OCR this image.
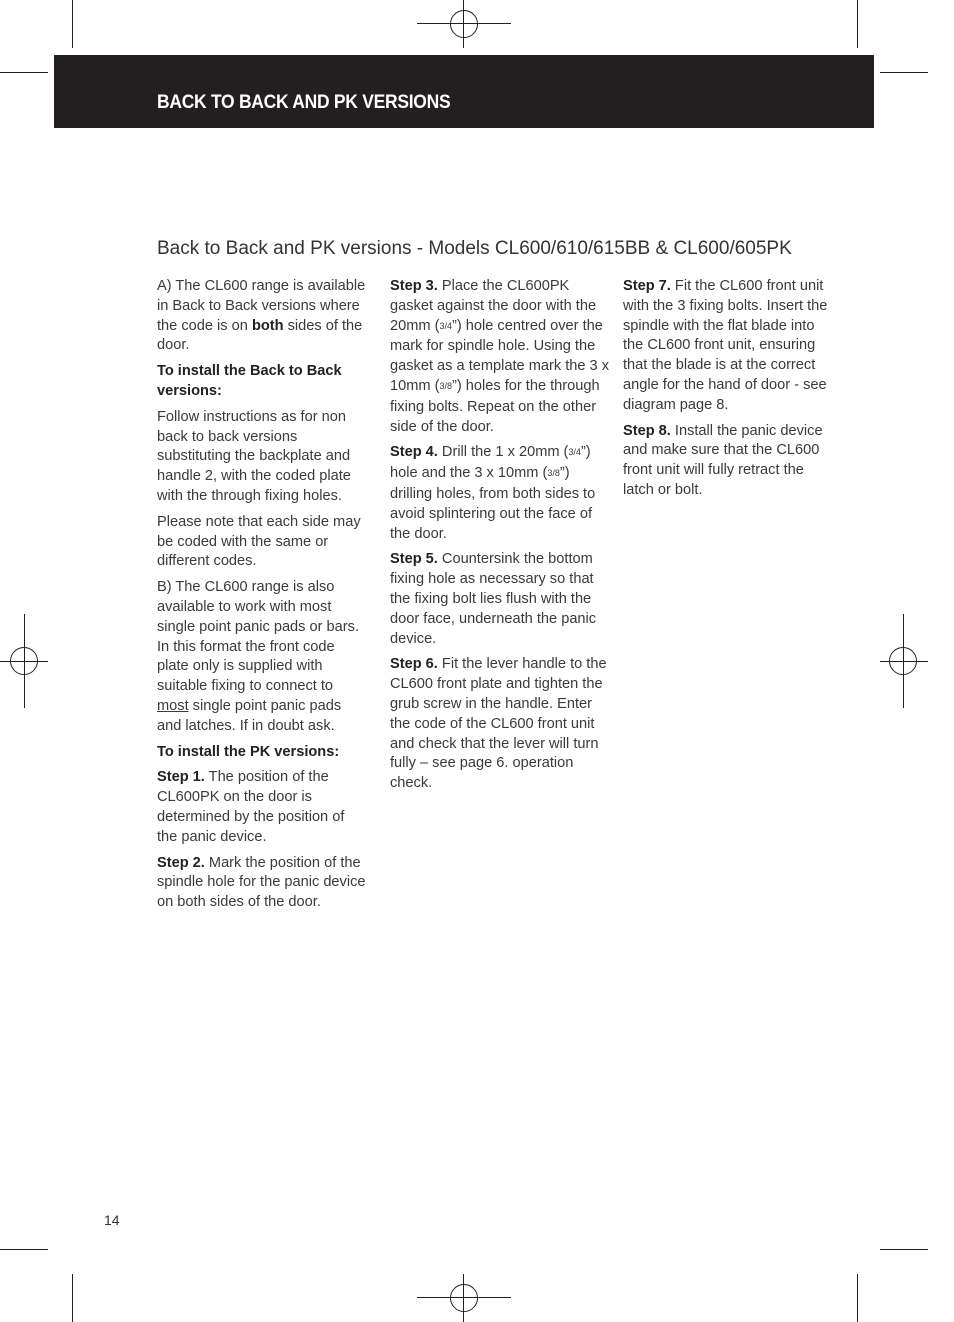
BACK TO BACK AND PK VERSIONS
Back to Back and PK versions - Models CL600/610/615BB & CL600/605PK

A) The CL600 range is available in Back to Back versions where the code is on both sides of the door.

To install the Back to Back versions:

Follow instructions as for non back to back versions substituting the backplate and handle 2, with the coded plate with the through fixing holes.

Please note that each side may be coded with the same or different codes.

B) The CL600 range is also available to work with most single point panic pads or bars. In this format the front code plate only is supplied with suitable fixing to connect to most single point panic pads and latches. If in doubt ask.

To install the PK versions:

Step 1. The position of the CL600PK on the door is determined by the position of the panic device.

Step 2. Mark the position of the spindle hole for the panic device on both sides of the door.

Step 3. Place the CL600PK gasket against the door with the 20mm (3/4”) hole centred over the mark for spindle hole. Using the gasket as a template mark the 3 x 10mm (3/8”) holes for the through fixing bolts. Repeat on the other side of the door.

Step 4. Drill the 1 x 20mm (3/4”) hole and the 3 x 10mm (3/8”) drilling holes, from both sides to avoid splintering out the face of the door.

Step 5. Countersink the bottom fixing hole as necessary so that the fixing bolt lies flush with the door face, underneath the panic device.

Step 6. Fit the lever handle to the CL600 front plate and tighten the grub screw in the handle. Enter the code of the CL600 front unit and check that the lever will turn fully – see page 6. operation check.

Step 7. Fit the CL600 front unit with the 3 fixing bolts. Insert the spindle with the flat blade into the CL600 front unit, ensuring that the blade is at the correct angle for the hand of door - see diagram page 8.

Step 8. Install the panic device and make sure that the CL600 front unit will fully retract the latch or bolt.

14
